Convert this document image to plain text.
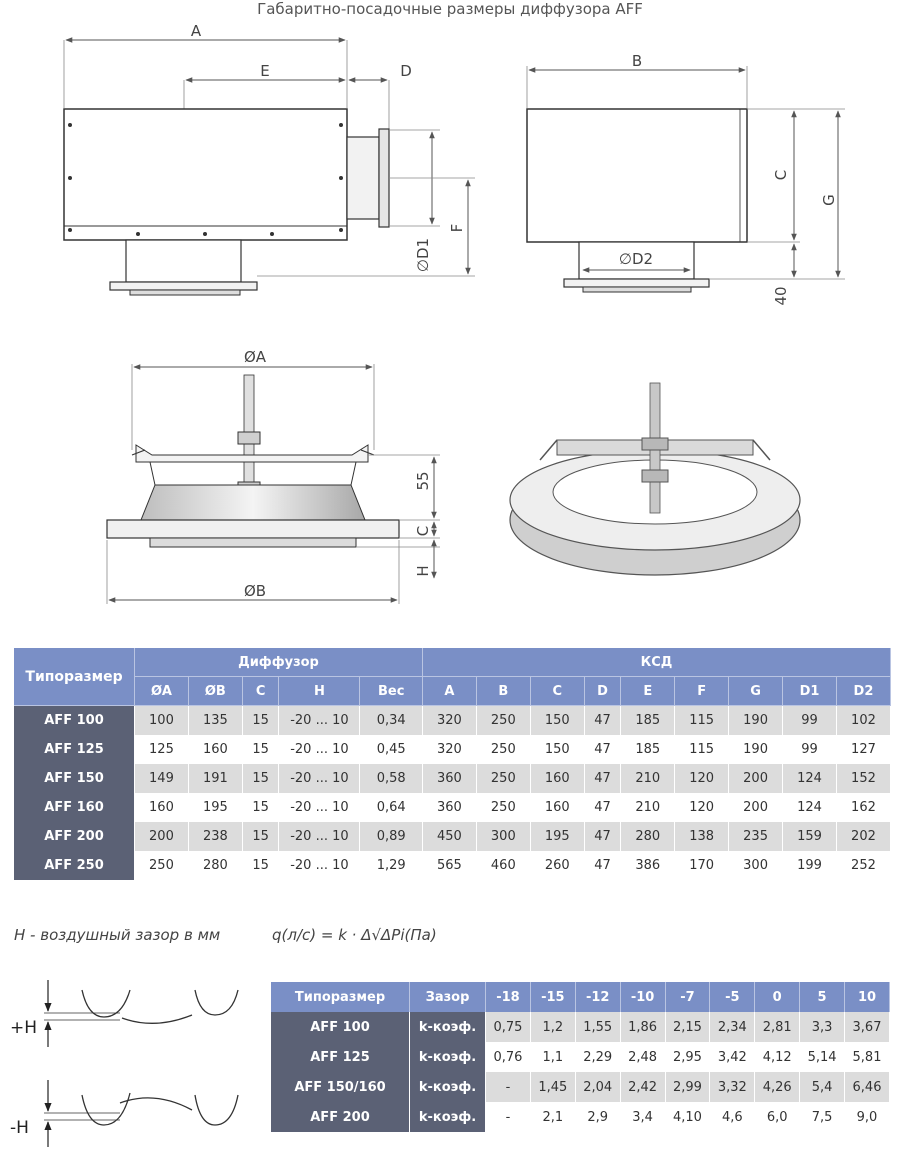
Габаритно-посадочные размеры диффузора AFF
A
E	D
∅D1
F
B
∅D2
C
G
40
ØA
ØB
55
C
H
Типоразмер	Диффузор					КСД								
	ØA	ØB	C	H	Вес	A	B	C	D	E	F	G	D1	D2
AFF 100	100	135	15	-20 ... 10	0,34	320	250	150	47	185	115	190	99	102
AFF 125	125	160	15	-20 ... 10	0,45	320	250	150	47	185	115	190	99	127
AFF 150	149	191	15	-20 ... 10	0,58	360	250	160	47	210	120	200	124	152
AFF 160	160	195	15	-20 ... 10	0,64	360	250	160	47	210	120	200	124	162
AFF 200	200	238	15	-20 ... 10	0,89	450	300	195	47	280	138	235	159	202
AFF 250	250	280	15	-20 ... 10	1,29	565	460	260	47	386	170	300	199	252
H - воздушный зазор в мм	q(л/с) = k · Δ√ΔPi(Па)
+H
-H
Типоразмер	Зазор	-18	-15	-12	-10	-7	-5	0	5	10
AFF 100	k-коэф.	0,75	1,2	1,55	1,86	2,15	2,34	2,81	3,3	3,67
AFF 125	k-коэф.	0,76	1,1	2,29	2,48	2,95	3,42	4,12	5,14	5,81
AFF 150/160	k-коэф.	-	1,45	2,04	2,42	2,99	3,32	4,26	5,4	6,46
AFF 200	k-коэф.	-	2,1	2,9	3,4	4,10	4,6	6,0	7,5	9,0
